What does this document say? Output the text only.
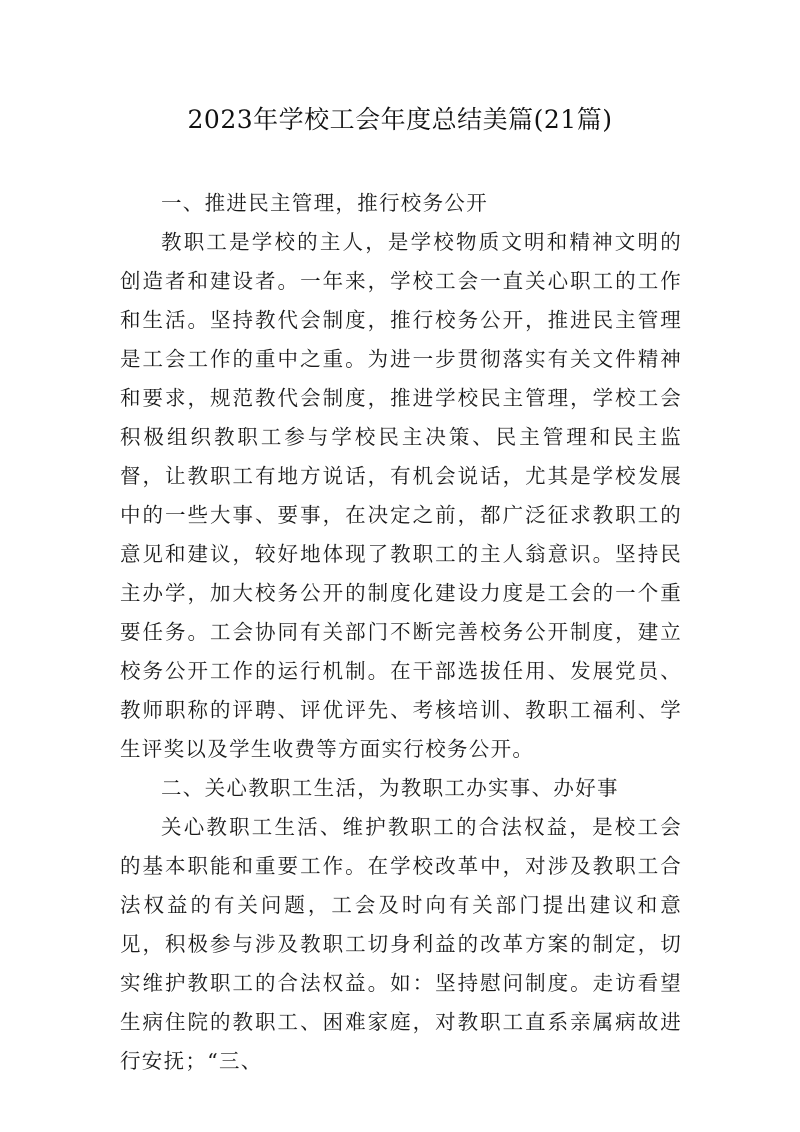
2023年学校工会年度总结美篇(21篇)

一、推进民主管理，推行校务公开

教职工是学校的主人，是学校物质文明和精神文明的创造者和建设者。一年来，学校工会一直关心职工的工作和生活。坚持教代会制度，推行校务公开，推进民主管理是工会工作的重中之重。为进一步贯彻落实有关文件精神和要求，规范教代会制度，推进学校民主管理，学校工会积极组织教职工参与学校民主决策、民主管理和民主监督，让教职工有地方说话，有机会说话，尤其是学校发展中的一些大事、要事，在决定之前，都广泛征求教职工的意见和建议，较好地体现了教职工的主人翁意识。坚持民主办学，加大校务公开的制度化建设力度是工会的一个重要任务。工会协同有关部门不断完善校务公开制度，建立校务公开工作的运行机制。在干部选拔任用、发展党员、教师职称的评聘、评优评先、考核培训、教职工福利、学生评奖以及学生收费等方面实行校务公开。

二、关心教职工生活，为教职工办实事、办好事

关心教职工生活、维护教职工的合法权益，是校工会的基本职能和重要工作。在学校改革中，对涉及教职工合法权益的有关问题，工会及时向有关部门提出建议和意见，积极参与涉及教职工切身利益的改革方案的制定，切实维护教职工的合法权益。如：坚持慰问制度。走访看望生病住院的教职工、困难家庭，对教职工直系亲属病故进行安抚；“三、
